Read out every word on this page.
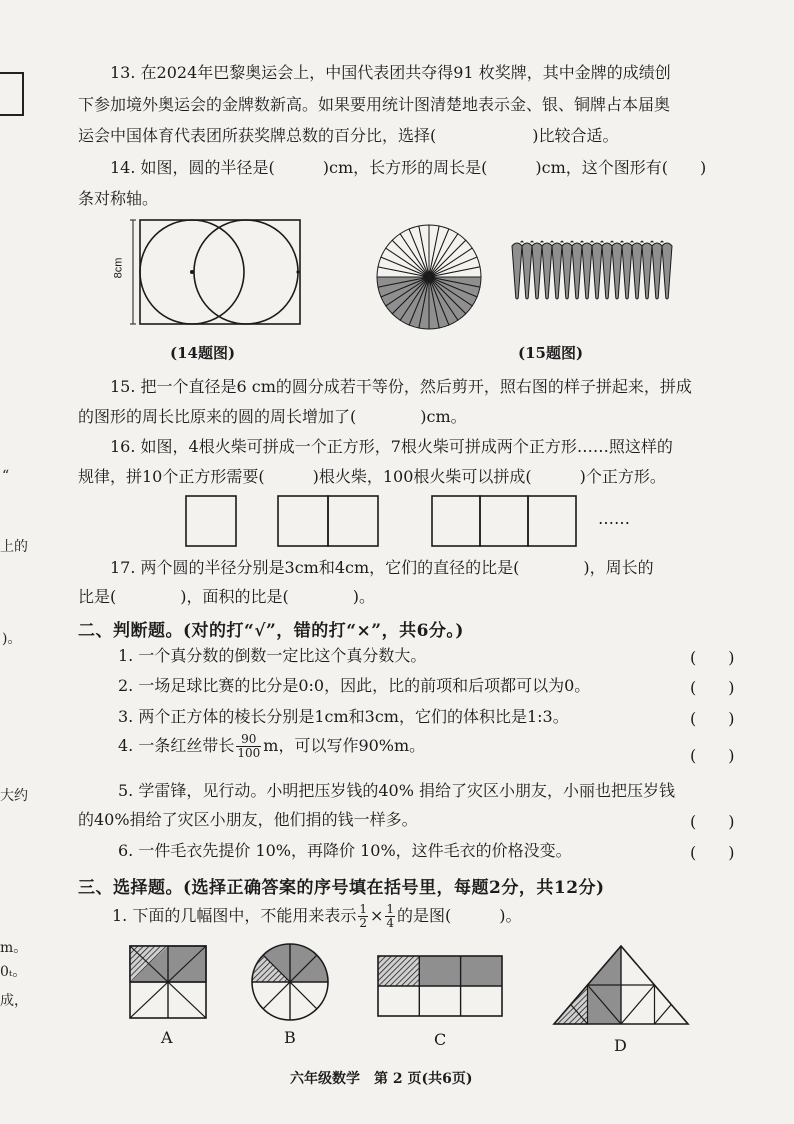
“
上的
)。
大约
m。
0ₜ。
成，
13. 在2024年巴黎奥运会上，中国代表团共夺得91 枚奖牌，其中金牌的成绩创
下参加境外奥运会的金牌数新高。如果要用统计图清楚地表示金、银、铜牌占本届奥
运会中国体育代表团所获奖牌总数的百分比，选择(　　　　　　)比较合适。
14. 如图，圆的半径是(　　　)cm，长方形的周长是(　　　)cm，这个图形有(　　)
条对称轴。
8cm
(14题图)	(15题图)
15. 把一个直径是6 cm的圆分成若干等份，然后剪开，照右图的样子拼起来，拼成
的图形的周长比原来的圆的周长增加了(　　　　)cm。
16. 如图，4根火柴可拼成一个正方形，7根火柴可拼成两个正方形……照这样的
规律，拼10个正方形需要(　　　)根火柴，100根火柴可以拼成(　　　)个正方形。
……
17. 两个圆的半径分别是3cm和4cm，它们的直径的比是(　　　　)，周长的
比是(　　　　)，面积的比是(　　　　)。
二、判断题。(对的打“√”，错的打“×”，共6分。)
1. 一个真分数的倒数一定比这个真分数大。	(　　)
2. 一场足球比赛的比分是0:0，因此，比的前项和后项都可以为0。	(　　)
3. 两个正方体的棱长分别是1cm和3cm，它们的体积比是1:3。	(　　)
4. 一条红丝带长 $\frac{90}{100}$ m，可以写作90%m。
(　　)
5. 学雷锋，见行动。小明把压岁钱的40% 捐给了灾区小朋友，小丽也把压岁钱
的40%捐给了灾区小朋友，他们捐的钱一样多。	(　　)
6. 一件毛衣先提价 10%，再降价 10%，这件毛衣的价格没变。	(　　)
三、选择题。(选择正确答案的序号填在括号里，每题2分，共12分)
1. 下面的几幅图中，不能用来表示 $\frac{1}{2} \times \frac{1}{4}$ 的是图(　　　)。
A	B	C	D
六年级数学　第 2 页(共6页)
